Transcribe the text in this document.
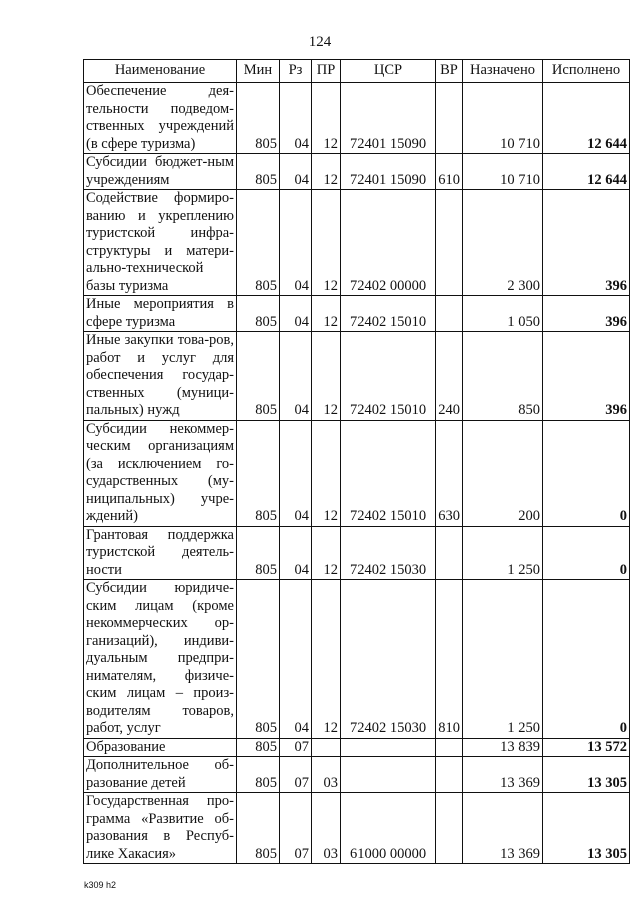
124
Наименование	Мин	Рз	ПР	ЦСР	ВР	Назначено	Исполнено
Обеспечение дея-тельности подведом-ственных учреждений (в сфере туризма)	805	04	12	72401 15090		10 710	12 644
Субсидии бюджет-ным учреждениям	805	04	12	72401 15090	610	10 710	12 644
Содействие формиро-ванию и укреплению туристской инфра-структуры и матери-ально-технической базы туризма	805	04	12	72402 00000		2 300	396
Иные мероприятия в сфере туризма	805	04	12	72402 15010		1 050	396
Иные закупки това-ров, работ и услуг для обеспечения государ-ственных (муници-пальных) нужд	805	04	12	72402 15010	240	850	396
Субсидии некоммер-ческим организациям (за исключением го-сударственных (му-ниципальных) учре-ждений)	805	04	12	72402 15010	630	200	0
Грантовая поддержка туристской деятель-ности	805	04	12	72402 15030		1 250	0
Субсидии юридиче-ским лицам (кроме некоммерческих ор-ганизаций), индиви-дуальным предпри-нимателям, физиче-ским лицам – произ-водителям товаров, работ, услуг	805	04	12	72402 15030	810	1 250	0
Образование	805	07				13 839	13 572
Дополнительное об-разование детей	805	07	03			13 369	13 305
Государственная про-грамма «Развитие об-разования в Респуб-лике Хакасия»	805	07	03	61000 00000		13 369	13 305
k309 h2
